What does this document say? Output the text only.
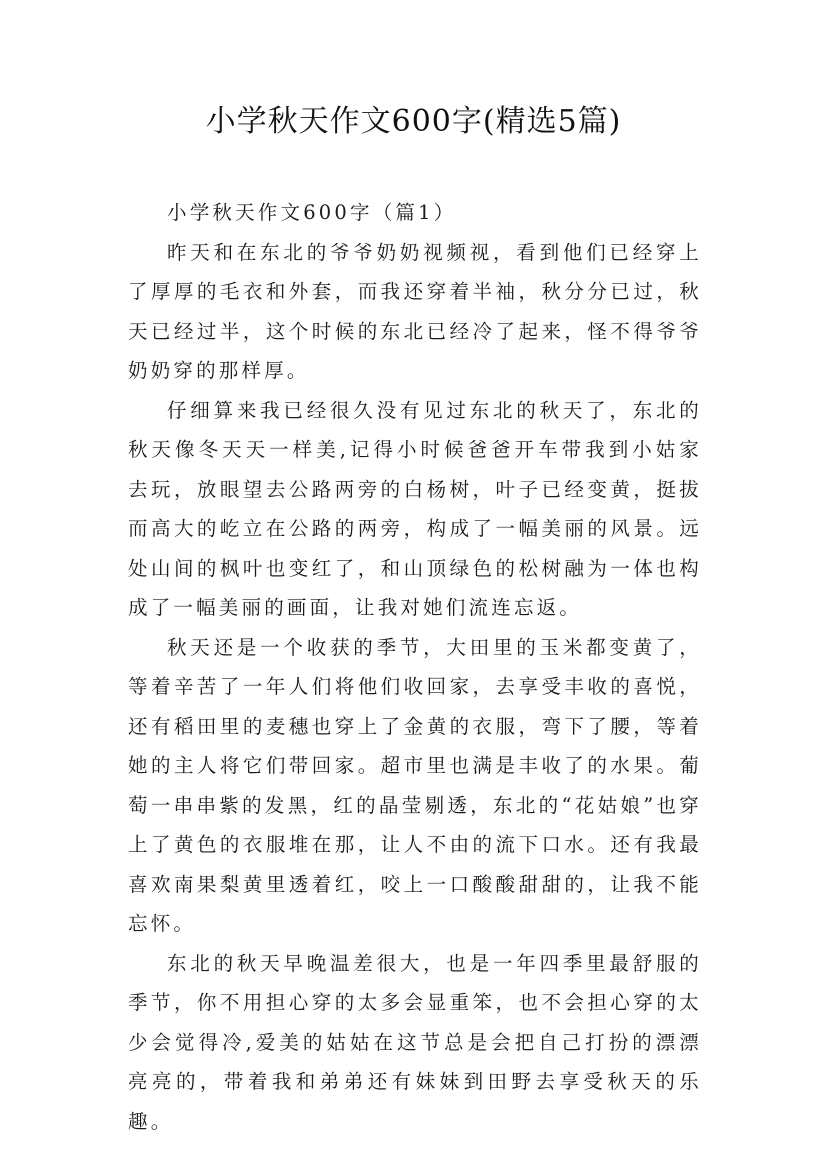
小学秋天作文600字(精选5篇)

小学秋天作文600字（篇1）

昨天和在东北的爷爷奶奶视频视，看到他们已经穿上了厚厚的毛衣和外套，而我还穿着半袖，秋分分已过，秋天已经过半，这个时候的东北已经冷了起来，怪不得爷爷奶奶穿的那样厚。

仔细算来我已经很久没有见过东北的秋天了，东北的秋天像冬天天一样美,记得小时候爸爸开车带我到小姑家去玩，放眼望去公路两旁的白杨树，叶子已经变黄，挺拔而高大的屹立在公路的两旁，构成了一幅美丽的风景。远处山间的枫叶也变红了，和山顶绿色的松树融为一体也构成了一幅美丽的画面，让我对她们流连忘返。

秋天还是一个收获的季节，大田里的玉米都变黄了，等着辛苦了一年人们将他们收回家，去享受丰收的喜悦，还有稻田里的麦穗也穿上了金黄的衣服，弯下了腰，等着她的主人将它们带回家。超市里也满是丰收了的水果。葡萄一串串紫的发黑，红的晶莹剔透，东北的“花姑娘”也穿上了黄色的衣服堆在那，让人不由的流下口水。还有我最喜欢南果梨黄里透着红，咬上一口酸酸甜甜的，让我不能忘怀。

东北的秋天早晚温差很大，也是一年四季里最舒服的季节，你不用担心穿的太多会显重笨，也不会担心穿的太少会觉得冷,爱美的姑姑在这节总是会把自己打扮的漂漂亮亮的，带着我和弟弟还有妹妹到田野去享受秋天的乐趣。
